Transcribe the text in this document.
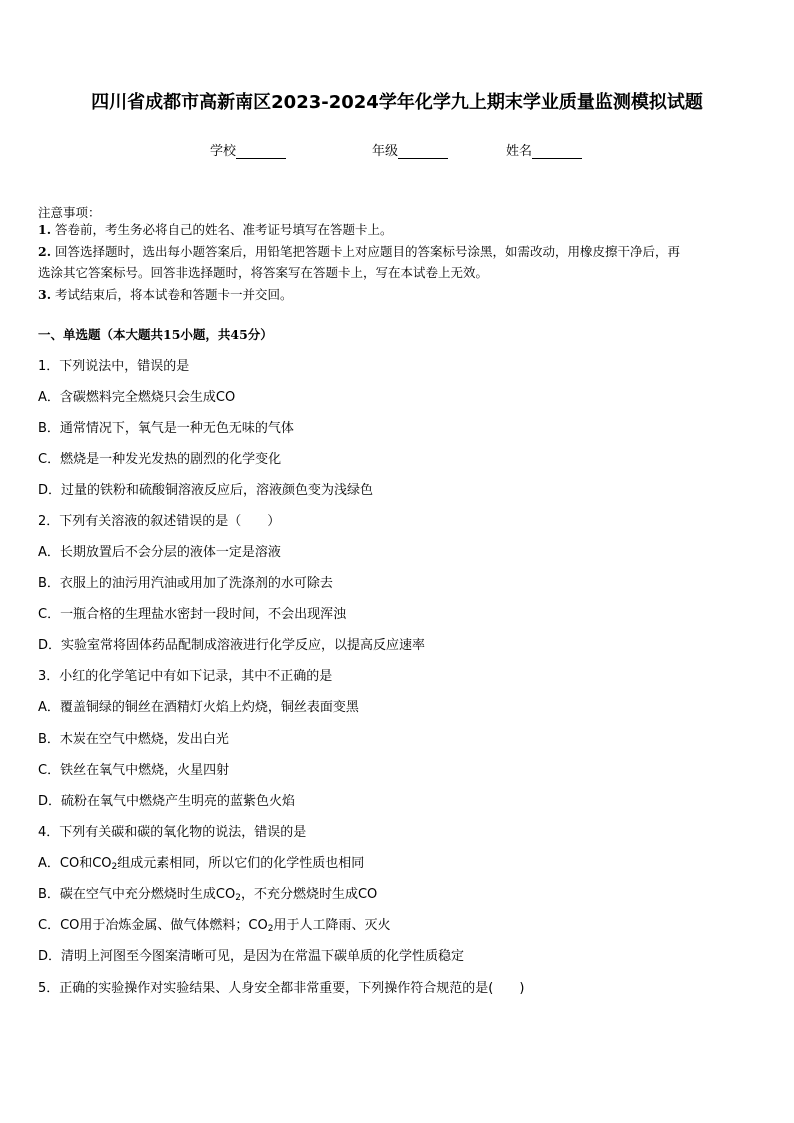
四川省成都市高新南区2023-2024学年化学九上期末学业质量监测模拟试题
学校	年级	姓名
注意事项：
1. 答卷前，考生务必将自己的姓名、准考证号填写在答题卡上。
2. 回答选择题时，选出每小题答案后，用铅笔把答题卡上对应题目的答案标号涂黑，如需改动，用橡皮擦干净后，再
选涂其它答案标号。回答非选择题时，将答案写在答题卡上，写在本试卷上无效。
3. 考试结束后，将本试卷和答题卡一并交回。
一、单选题（本大题共15小题，共45分）
1．下列说法中，错误的是
A．含碳燃料完全燃烧只会生成CO
B．通常情况下，氧气是一种无色无味的气体
C．燃烧是一种发光发热的剧烈的化学变化
D．过量的铁粉和硫酸铜溶液反应后，溶液颜色变为浅绿色
2．下列有关溶液的叙述错误的是（　　）
A．长期放置后不会分层的液体一定是溶液
B．衣服上的油污用汽油或用加了洗涤剂的水可除去
C．一瓶合格的生理盐水密封一段时间，不会出现浑浊
D．实验室常将固体药品配制成溶液进行化学反应，以提高反应速率
3．小红的化学笔记中有如下记录，其中不正确的是
A．覆盖铜绿的铜丝在酒精灯火焰上灼烧，铜丝表面变黑
B．木炭在空气中燃烧，发出白光
C．铁丝在氧气中燃烧，火星四射
D．硫粉在氧气中燃烧产生明亮的蓝紫色火焰
4．下列有关碳和碳的氧化物的说法，错误的是
A．CO和$CO_2$组成元素相同，所以它们的化学性质也相同
B．碳在空气中充分燃烧时生成$CO_2$，不充分燃烧时生成CO
C．CO用于冶炼金属、做气体燃料；$CO_2$用于人工降雨、灭火
D．清明上河图至今图案清晰可见，是因为在常温下碳单质的化学性质稳定
5．正确的实验操作对实验结果、人身安全都非常重要，下列操作符合规范的是(　　)
